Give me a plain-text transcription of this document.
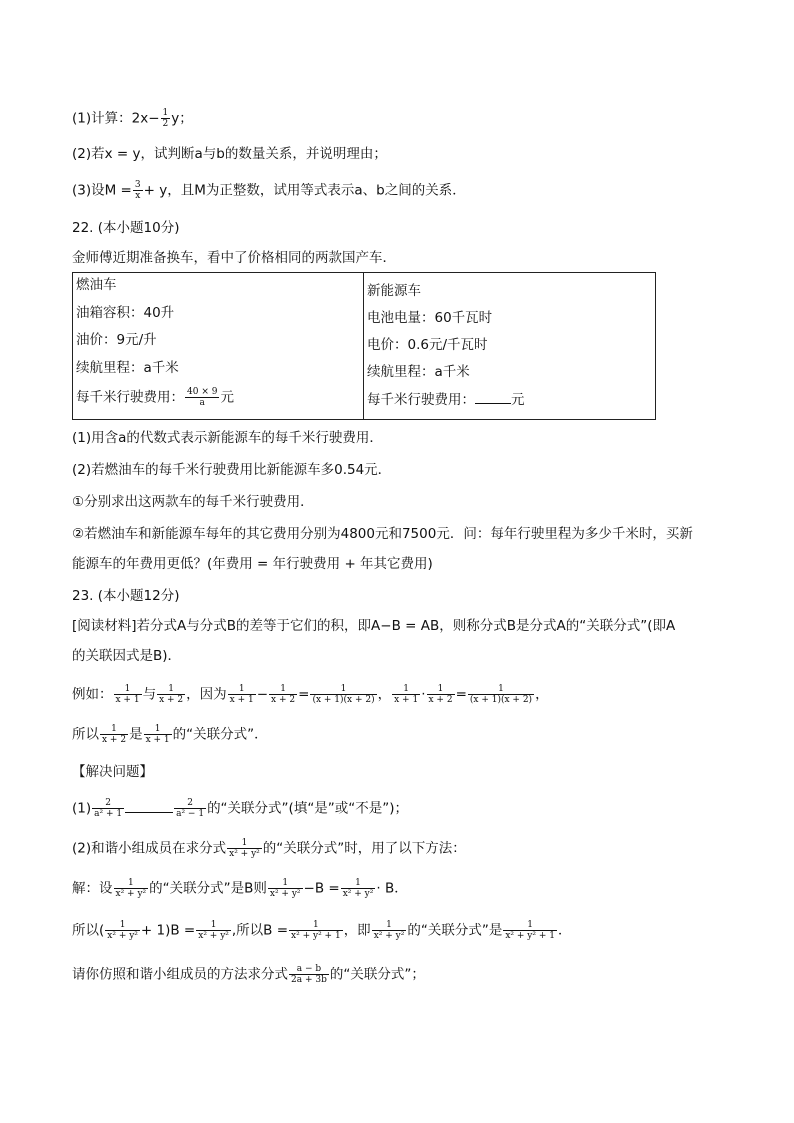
(1)计算：$2x- \frac{1}{2}$ y；
(2)若x = y，试判断a与b的数量关系，并说明理由；
(3)设$M = \frac{3}{x} + y$，且M为正整数，试用等式表示a、b之间的关系．
22. (本小题10分)
金师傅近期准备换车，看中了价格相同的两款国产车．
燃油车
油箱容积：40升
油价：9元/升
续航里程：a千米
每千米行驶费用： $\frac{40 \times 9}{a}$ 元
新能源车
电池电量：60千瓦时
电价：0.6元/千瓦时
续航里程：a千米
每千米行驶费用：	元
(1)用含a的代数式表示新能源车的每千米行驶费用．
(2)若燃油车的每千米行驶费用比新能源车多0.54元．
①分别求出这两款车的每千米行驶费用．
②若燃油车和新能源车每年的其它费用分别为4800元和7500元．问：每年行驶里程为多少千米时，买新
能源车的年费用更低？(年费用 = 年行驶费用 + 年其它费用)
23. (本小题12分)
[阅读材料]若分式A与分式B的差等于它们的积，即A−B = AB，则称分式B是分式A的“关联分式”(即A
的关联因式是B)．
例如： $\frac{1}{x + 1}$ 与 $\frac{1}{x + 2}$ ，因为 $\frac{1}{x + 1} - \frac{1}{x + 2} = \frac{1}{(x + 1)(x + 2)}$ ， $\frac{1}{x + 1} \cdot \frac{1}{x + 2} = \frac{1}{(x + 1)(x + 2)}$ ，
所以 $\frac{1}{x + 2}$ 是 $\frac{1}{x + 1}$ 的“关联分式”．
【解决问题】
$(1) \frac{2}{\text{a² + 1}}$	$\frac{2}{\text{a² − 1}}$ 的“关联分式”(填“是”或“不是”)；
(2)和谐小组成员在求分式 $\frac{1}{\text{x² + y²}}$ 的“关联分式”时，用了以下方法：
解：设 $\frac{1}{\text{x² + y²}}$ 的“关联分式”是B则 $\frac{1}{\text{x² + y²}} -B = \frac{1}{\text{x² + y²}} \cdot B$．
所以( $\frac{1}{\text{x² + y²}} + 1)B = \frac{1}{\text{x² + y²}}$ ,所以$B = \frac{1}{\text{x² + y² + 1}}$ ，即 $\frac{1}{\text{x² + y²}}$ 的“关联分式”是 $\frac{1}{\text{x² + y² + 1}}$ ．
请你仿照和谐小组成员的方法求分式 $\frac{a - b}{2a + 3b}$ 的“关联分式”；
